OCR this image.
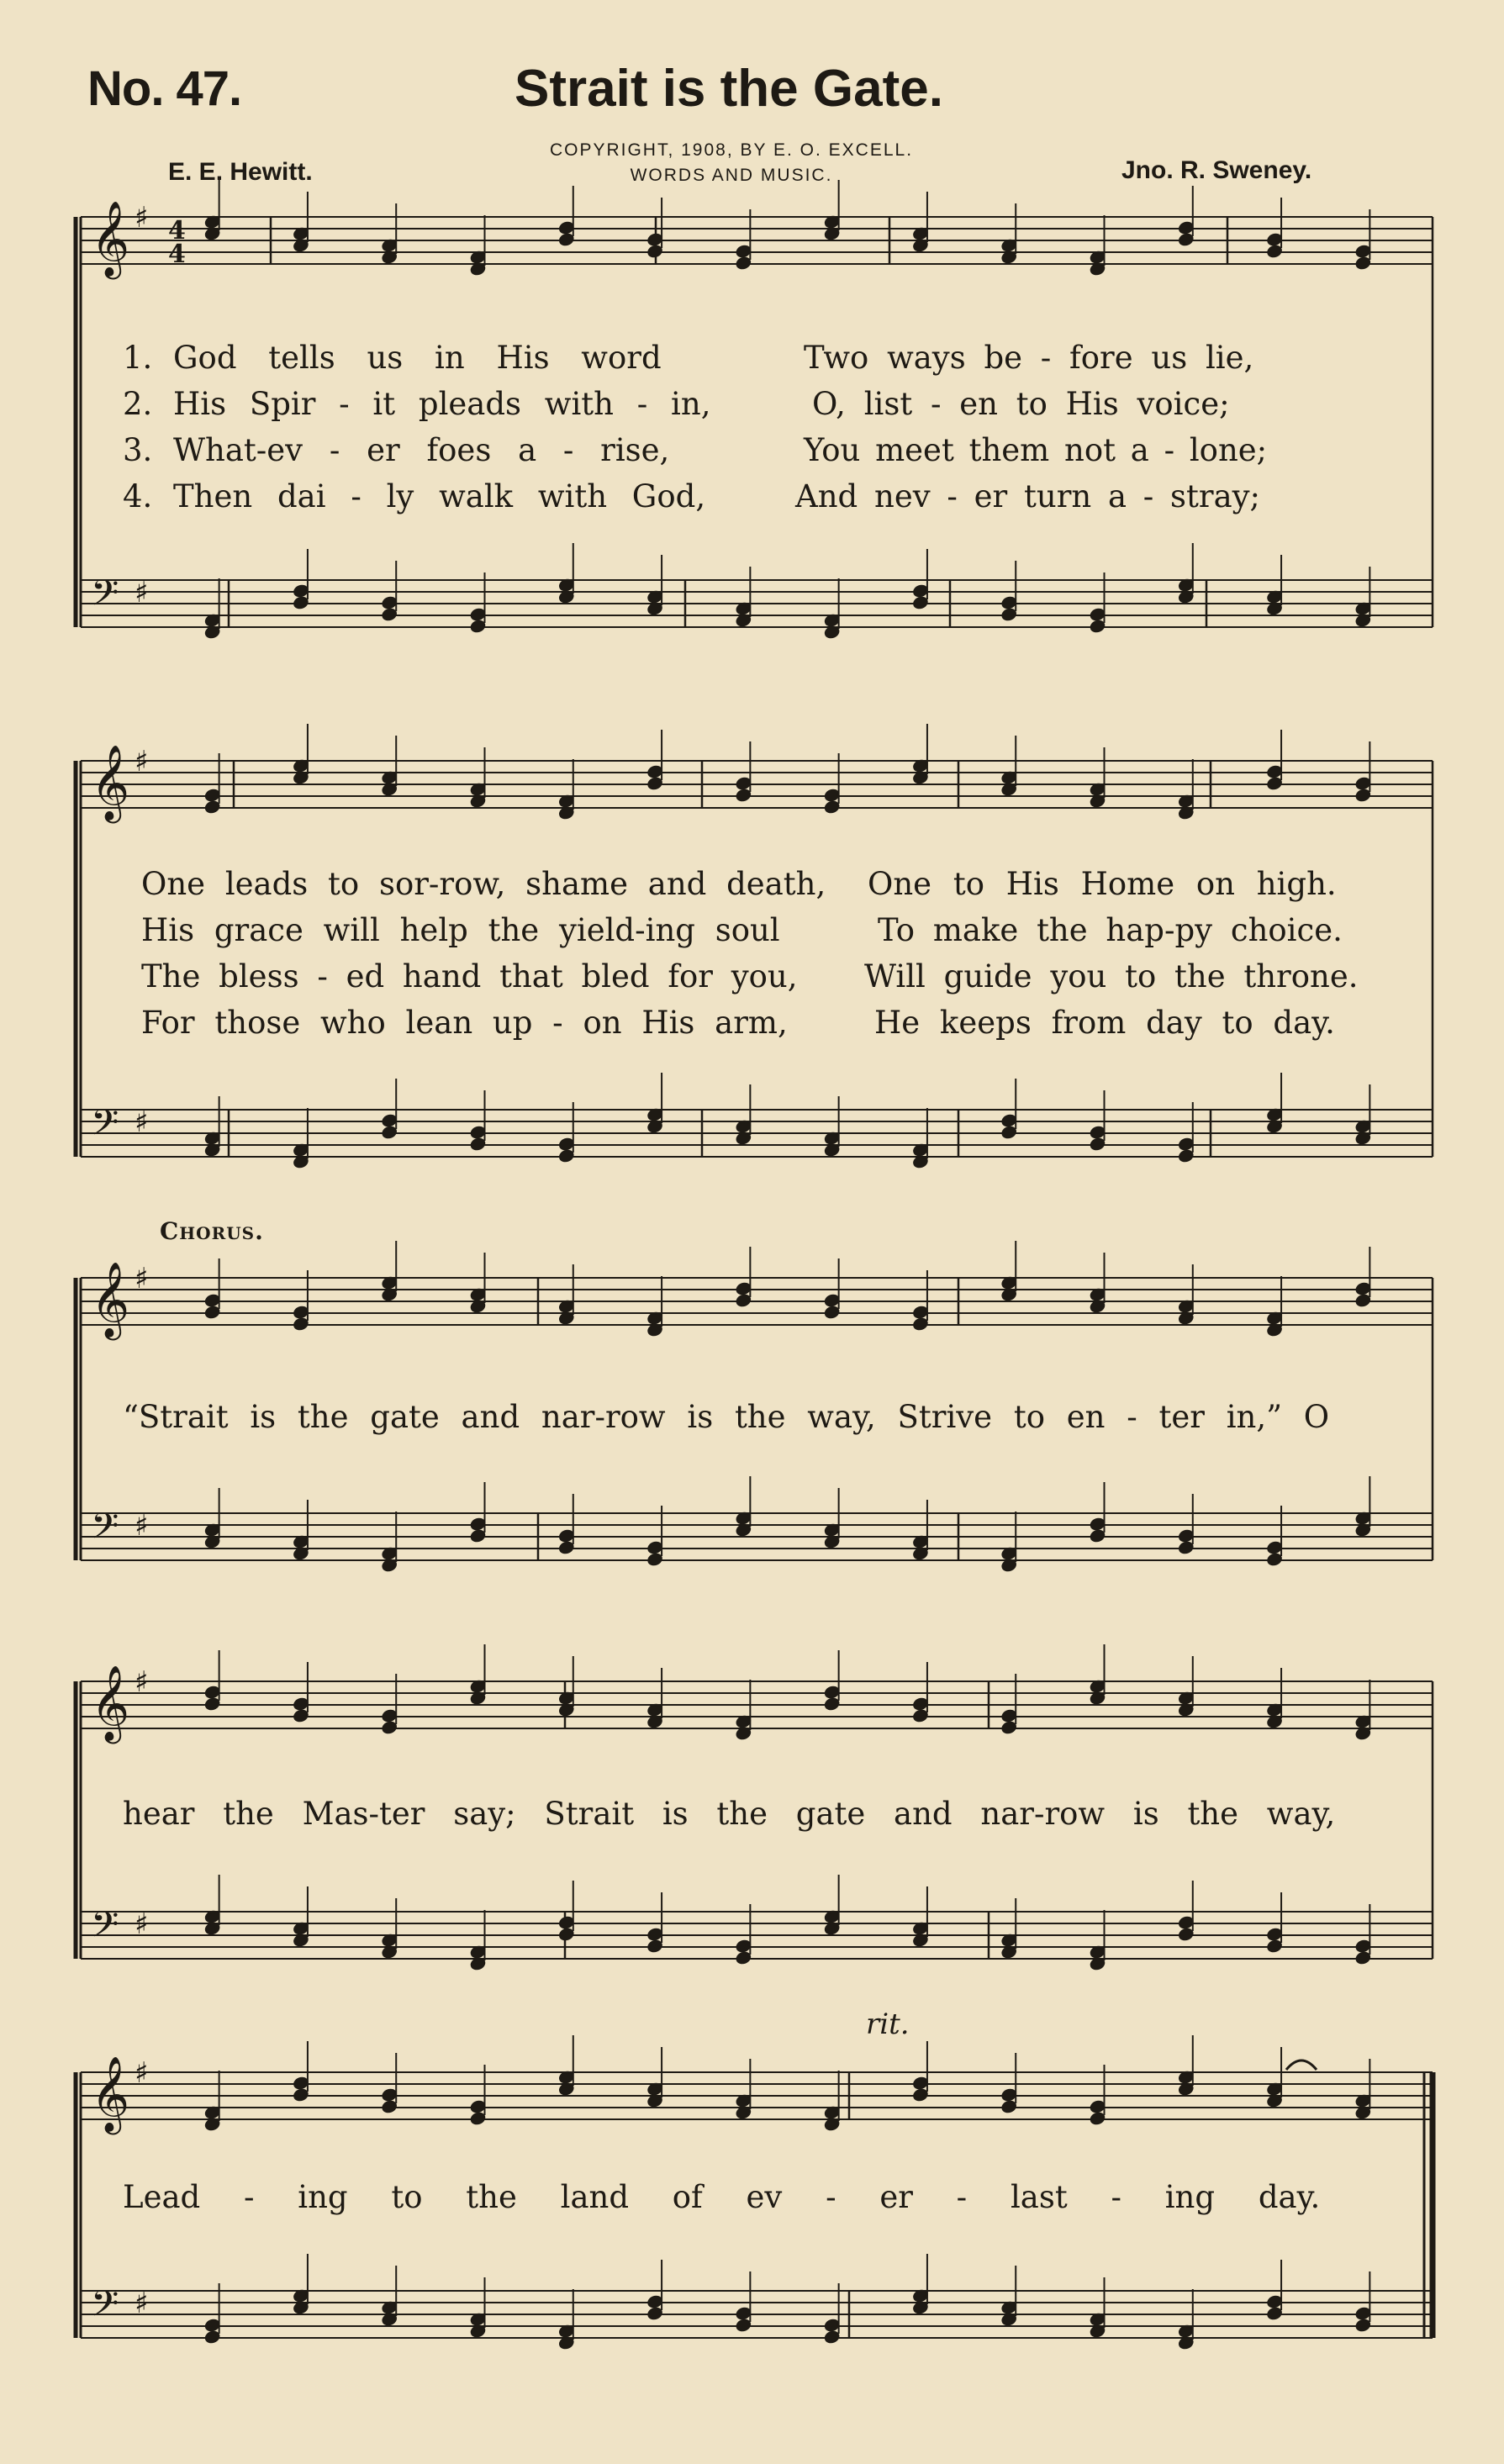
No. 47.	Strait is the Gate.
COPYRIGHT, 1908, BY E. O. EXCELL.
WORDS AND MUSIC.
E. E. Hewitt.	Jno. R. Sweney.
𝄞 ♯
𝄢 ♯
𝄞 ♯
𝄢 ♯
𝄞 ♯
𝄢 ♯
𝄞 ♯
𝄢 ♯
𝄞 ♯
𝄢 ♯
4
4
1. God tells us in His word	Two ways be - fore us lie,
2. His Spir - it pleads with - in,	O, list - en to His voice;
3. What-ev - er foes a - rise,	You meet them not a - lone;
4. Then dai - ly walk with God,	And nev - er turn a - stray;
One leads to sor-row, shame and death, One to His Home on high.
His grace will help the yield-ing soul	To make the hap-py choice.
The bless - ed hand that bled for you, Will guide you to the throne.
For those who lean up - on His arm,	He keeps from day to day.
Chorus.
“Strait is the gate and nar-row is the way, Strive to en - ter in,” O
hear the Mas-ter say; Strait is the gate and nar-row is the way,
rit.
Lead - ing to the land of ev - er - last - ing day.
